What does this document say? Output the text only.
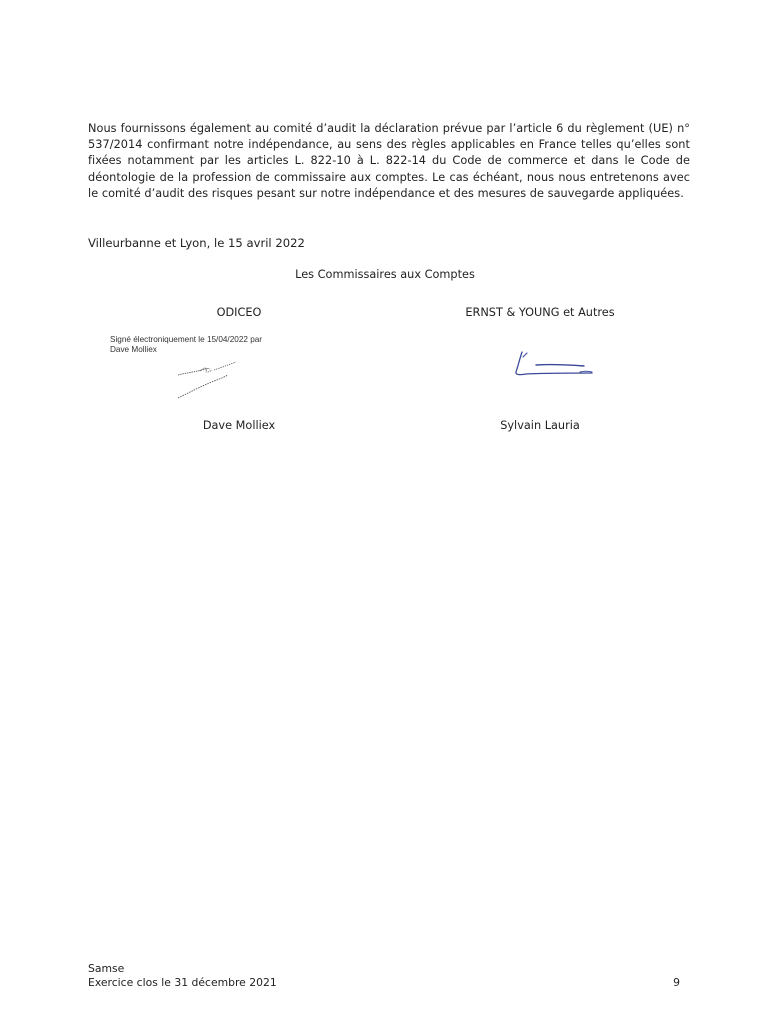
Nous fournissons également au comité d’audit la déclaration prévue par l’article 6 du règlement (UE) n° 537/2014 confirmant notre indépendance, au sens des règles applicables en France telles qu’elles sont fixées notamment par les articles L. 822-10 à L. 822-14 du Code de commerce et dans le Code de déontologie de la profession de commissaire aux comptes. Le cas échéant, nous nous entretenons avec le comité d’audit des risques pesant sur notre indépendance et des mesures de sauvegarde appliquées.

Villeurbanne et Lyon, le 15 avril 2022

Les Commissaires aux Comptes

ODICEO	ERNST & YOUNG et Autres
Signé électroniquement le 15/04/2022 par
Dave Molliex
Dave Molliex	Sylvain Lauria
Samse
Exercice clos le 31 décembre 2021	9
